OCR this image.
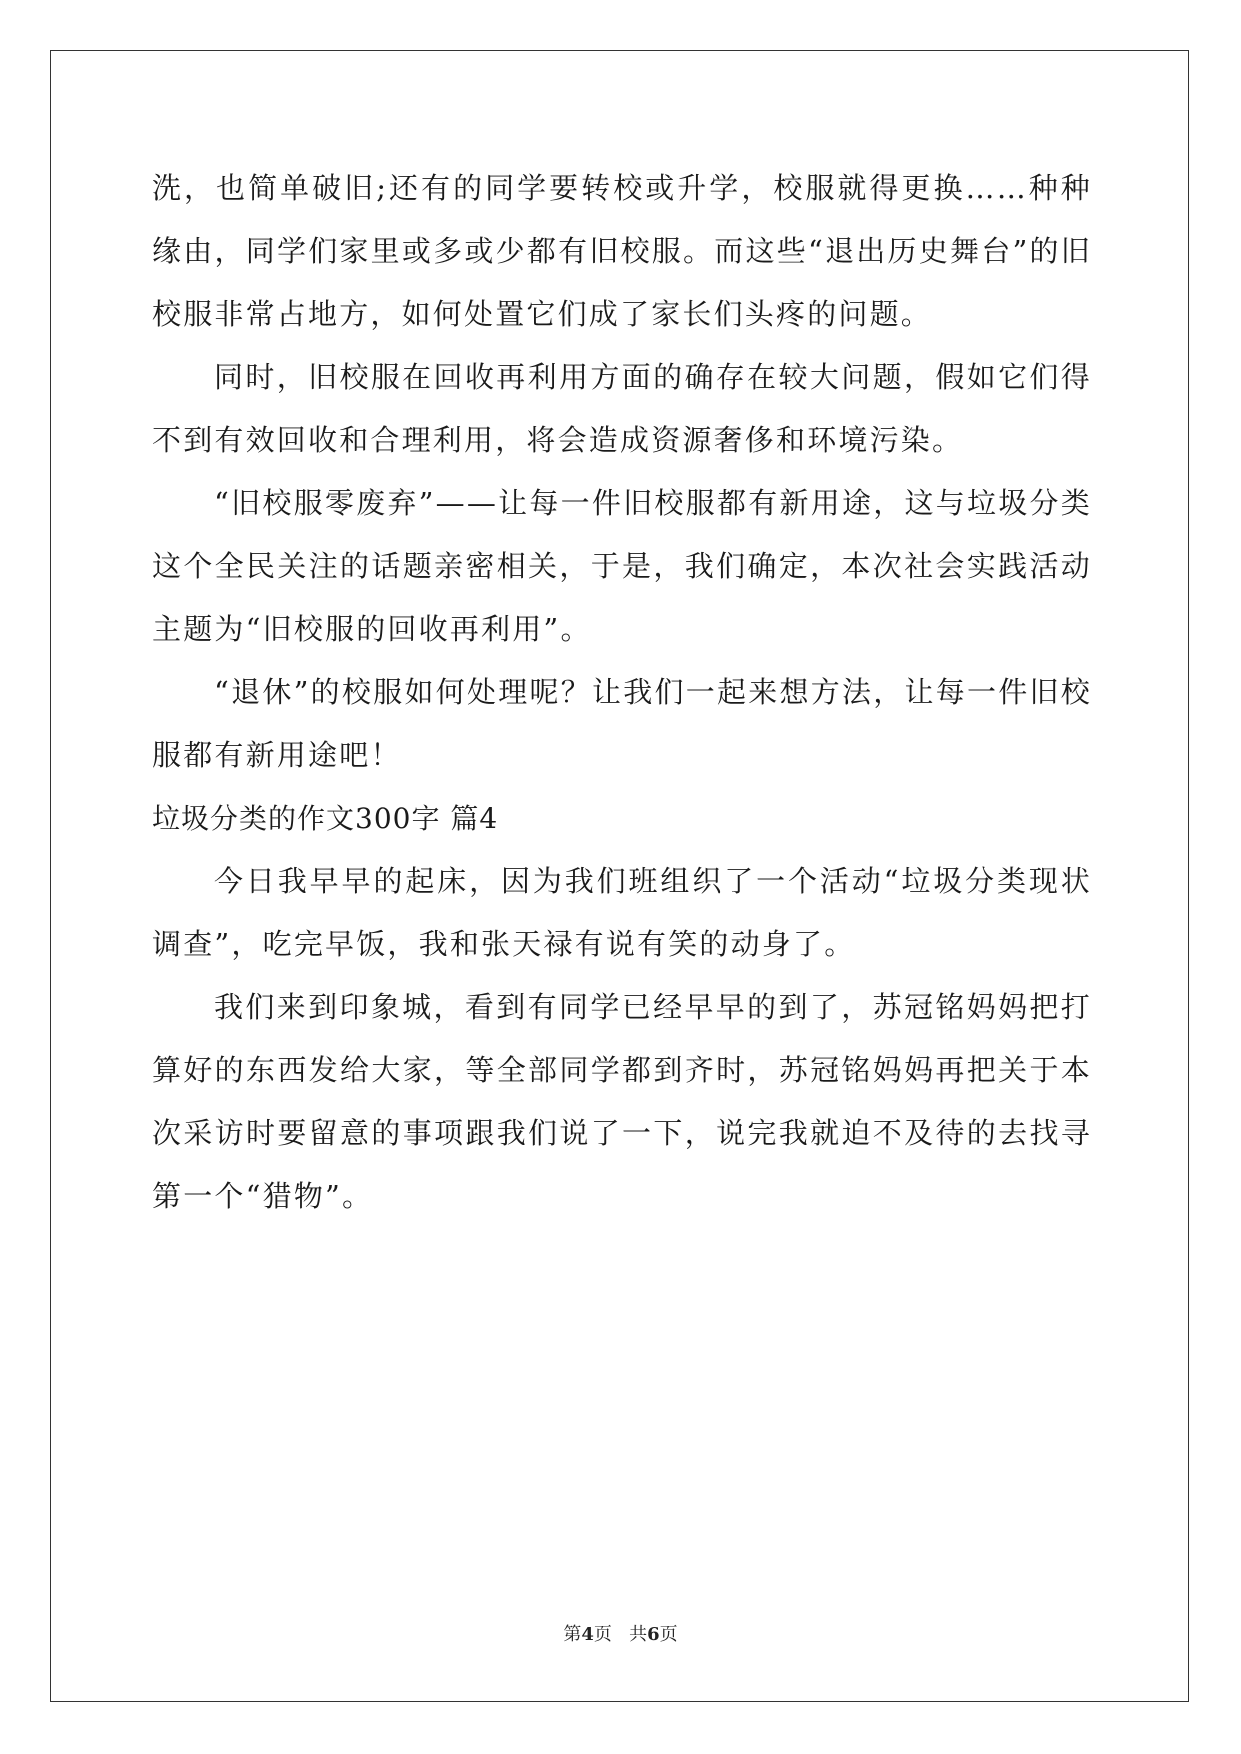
洗，也简单破旧;还有的同学要转校或升学，校服就得更换……种种缘由，同学们家里或多或少都有旧校服。而这些“退出历史舞台”的旧校服非常占地方，如何处置它们成了家长们头疼的问题。

同时，旧校服在回收再利用方面的确存在较大问题，假如它们得不到有效回收和合理利用，将会造成资源奢侈和环境污染。

“旧校服零废弃”——让每一件旧校服都有新用途，这与垃圾分类这个全民关注的话题亲密相关，于是，我们确定，本次社会实践活动主题为“旧校服的回收再利用”。

“退休”的校服如何处理呢？让我们一起来想方法，让每一件旧校服都有新用途吧！

垃圾分类的作文300字 篇4

今日我早早的起床，因为我们班组织了一个活动“垃圾分类现状调查”，吃完早饭，我和张天禄有说有笑的动身了。

我们来到印象城，看到有同学已经早早的到了，苏冠铭妈妈把打算好的东西发给大家，等全部同学都到齐时，苏冠铭妈妈再把关于本次采访时要留意的事项跟我们说了一下，说完我就迫不及待的去找寻第一个“猎物”。

第4页 共6页
